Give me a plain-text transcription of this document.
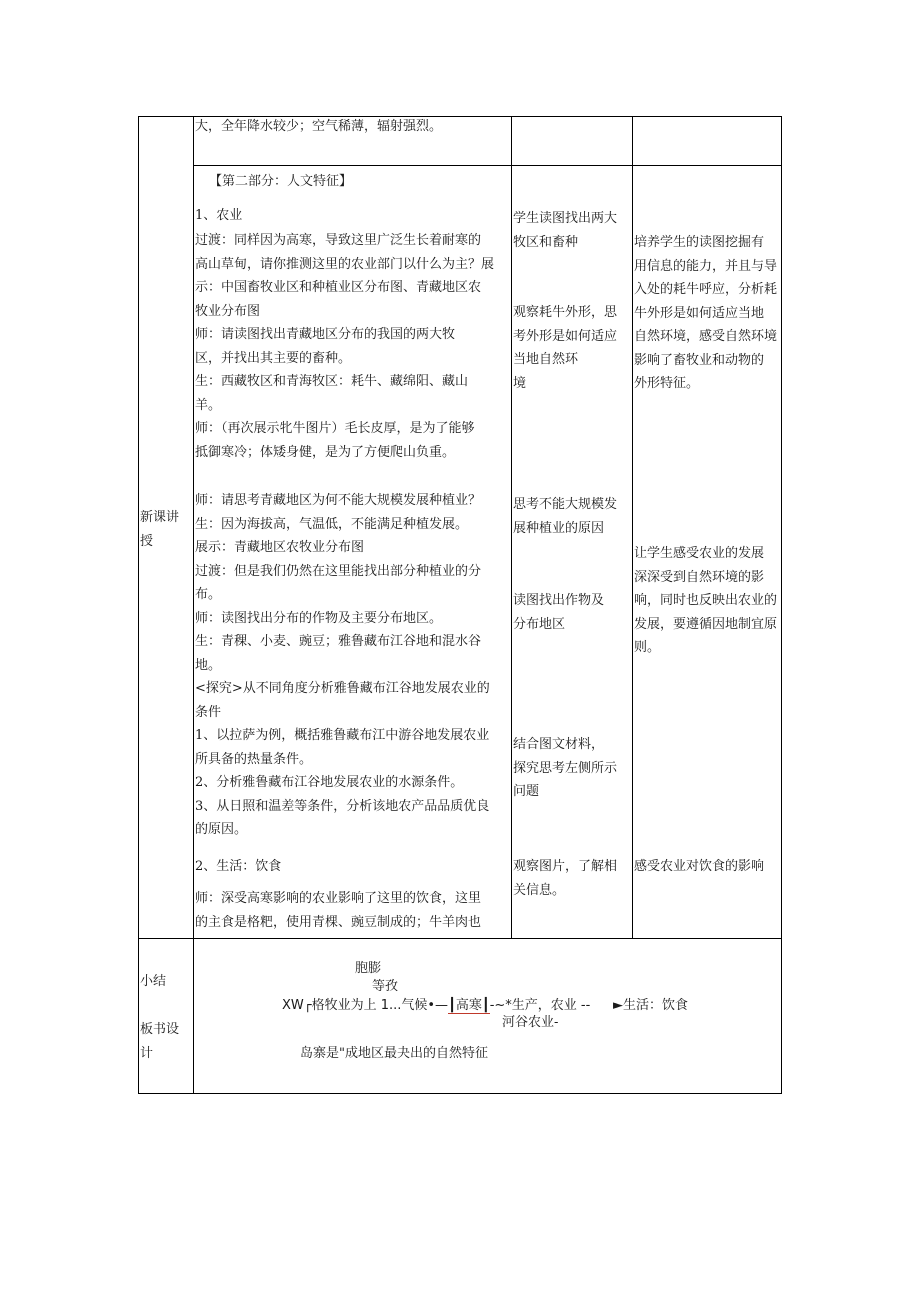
大，全年降水较少；空气稀薄，辐射强烈。
新课讲
授
【第二部分：人文特征】
1、农业
过渡：同样因为高寒，导致这里广泛生长着耐寒的
高山草甸，请你推测这里的农业部门以什么为主？展
示：中国畜牧业区和种植业区分布图、青藏地区农
牧业分布图
师：请读图找出青藏地区分布的我国的两大牧
区，并找出其主要的畜种。
生：西藏牧区和青海牧区：耗牛、藏绵阳、藏山
羊。
师：（再次展示牝牛图片）毛长皮厚，是为了能够
抵御寒冷；体矮身健，是为了方便爬山负重。
师：请思考青藏地区为何不能大规模发展种植业？
生：因为海拔高，气温低，不能满足种植发展。
展示：青藏地区农牧业分布图
过渡：但是我们仍然在这里能找出部分种植业的分
布。
师：读图找出分布的作物及主要分布地区。
生：青稞、小麦、豌豆；雅鲁藏布江谷地和混水谷
地。
<探究>从不同角度分析雅鲁藏布江谷地发展农业的
条件
1、以拉萨为例，概括雅鲁藏布江中游谷地发展农业
所具备的热量条件。
2、分析雅鲁藏布江谷地发展农业的水源条件。
3、从日照和温差等条件，分析该地农产品品质优良
的原因。
2、生活：饮食
师：深受高寒影响的农业影响了这里的饮食，这里
的主食是格粑，使用青棵、豌豆制成的；牛羊肉也
学生读图找出两大
牧区和畜种
观察耗牛外形，思
考外形是如何适应
当地自然环
境
思考不能大规模发
展种植业的原因
读图找出作物及
分布地区
结合图文材料，
探究思考左侧所示
问题
观察图片，了解相
关信息。
培养学生的读图挖掘有
用信息的能力，并且与导
入处的耗牛呼应，分析耗
牛外形是如何适应当地
自然环境，感受自然环境
影响了畜牧业和动物的
外形特征。
让学生感受农业的发展
深深受到自然环境的影
响，同时也反映出农业的
发展，要遵循因地制宜原
则。
感受农业对饮食的影响
小结
板书设
计
胞膨
等孜
XW┌格牧业为上 1...气候•—┃高寒┃-~*生产，农业 -- ►生活：饮食
河谷农业-
岛寨是"成地区最夬出的自然特征
